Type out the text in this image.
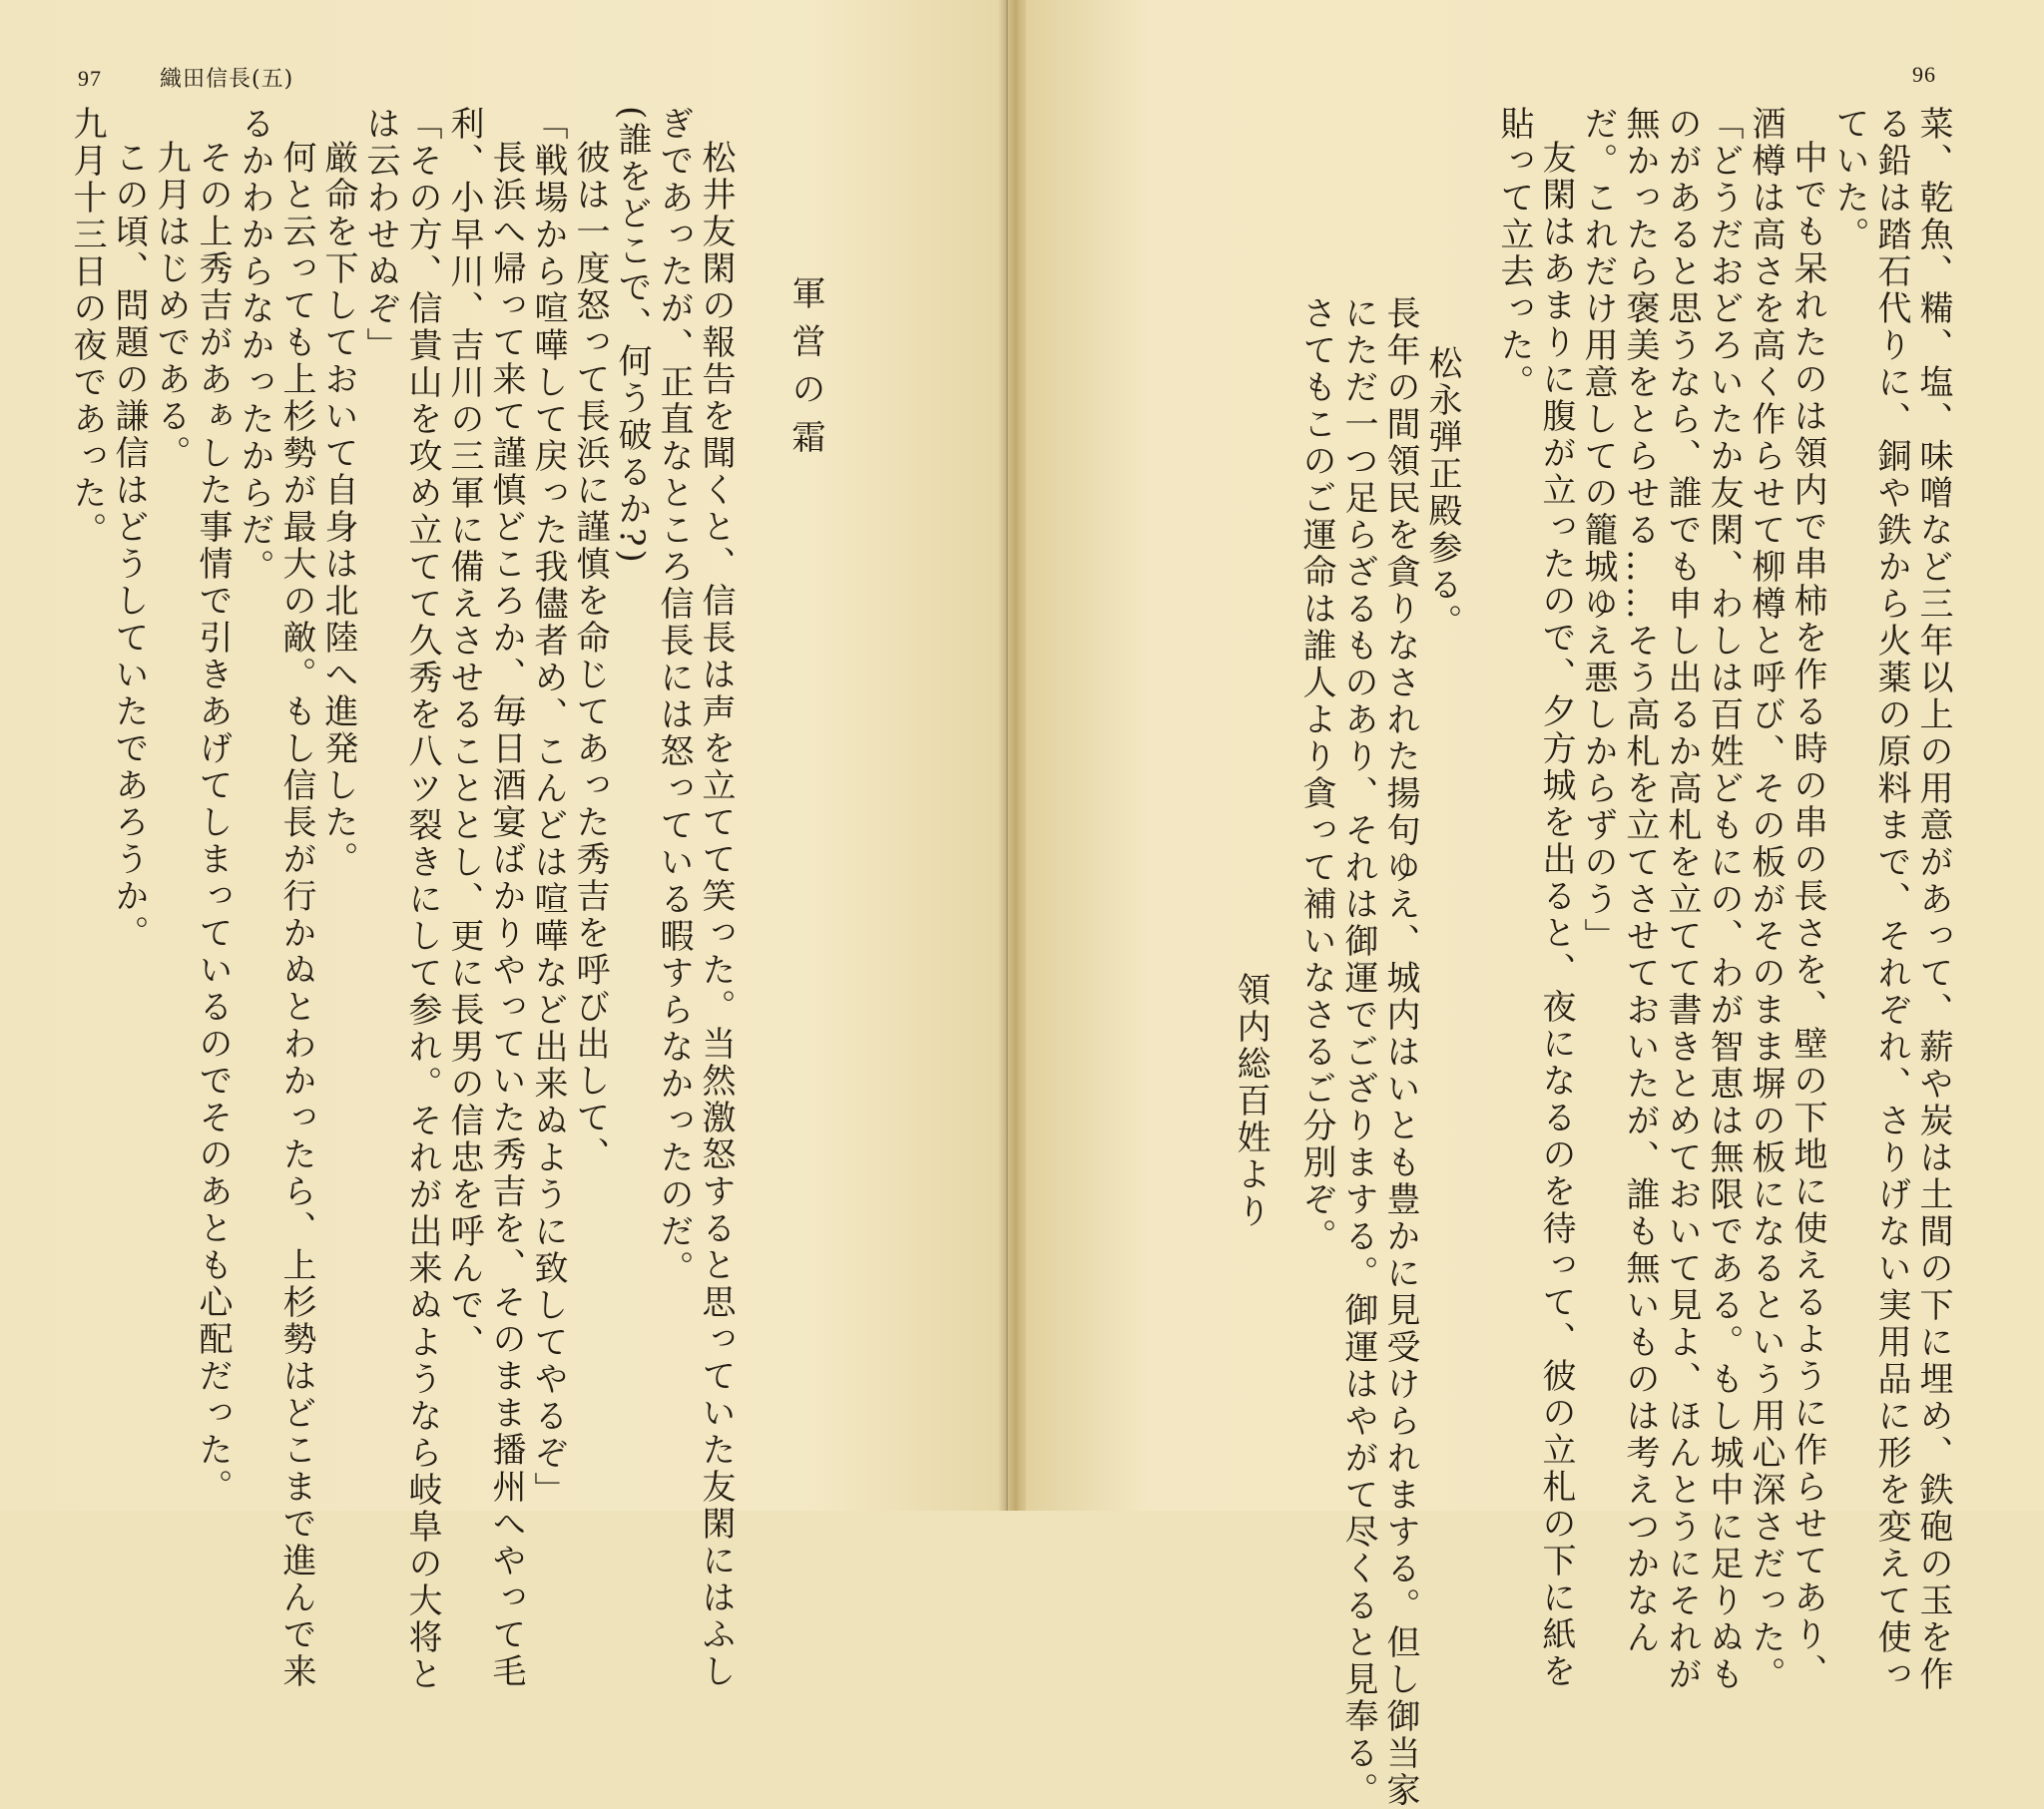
97	織田信長(五)	96
菜、乾魚、糒、塩、味噌など三年以上の用意があって、薪や炭は土間の下に埋め、鉄砲の玉を作
る鉛は踏石代りに、銅や鉄から火薬の原料まで、それぞれ、さりげない実用品に形を変えて使っ
ていた。
中でも呆れたのは領内で串柿を作る時の串の長さを、壁の下地に使えるように作らせてあり、
酒樽は高さを高く作らせて柳樽と呼び、その板がそのまま塀の板になるという用心深さだった。
「どうだおどろいたか友閑、わしは百姓どもにの、わが智恵は無限である。もし城中に足りぬも
のがあると思うなら、誰でも申し出るか高札を立てて書きとめておいて見よ、ほんとうにそれが
無かったら褒美をとらせる……そう高札を立てさせておいたが、誰も無いものは考えつかなん
だ。これだけ用意しての籠城ゆえ悪しからずのう」
友閑はあまりに腹が立ったので、夕方城を出ると、夜になるのを待って、彼の立札の下に紙を
貼って立去った。
松永弾正殿参る。
長年の間領民を貪りなされた揚句ゆえ、城内はいとも豊かに見受けられまする。但し御当家
にただ一つ足らざるものあり、それは御運でござりまする。御運はやがて尽くると見奉る。
さてもこのご運命は誰人より貪って補いなさるご分別ぞ。
領内総百姓より
軍営の霜
松井友閑の報告を聞くと、信長は声を立てて笑った。当然激怒すると思っていた友閑にはふし
ぎであったが、正直なところ信長には怒っている暇すらなかったのだ。
(誰をどこで、何う破るか?)
彼は一度怒って長浜に謹慎を命じてあった秀吉を呼び出して、
「戦場から喧嘩して戻った我儘者め、こんどは喧嘩など出来ぬように致してやるぞ」
長浜へ帰って来て謹慎どころか、毎日酒宴ばかりやっていた秀吉を、そのまま播州へやって毛
利、小早川、吉川の三軍に備えさせることとし、更に長男の信忠を呼んで、
「その方、信貴山を攻め立てて久秀を八ツ裂きにして参れ。それが出来ぬようなら岐阜の大将と
は云わせぬぞ」
厳命を下しておいて自身は北陸へ進発した。
何と云っても上杉勢が最大の敵。もし信長が行かぬとわかったら、上杉勢はどこまで進んで来
るかわからなかったからだ。
その上秀吉があぁした事情で引きあげてしまっているのでそのあとも心配だった。
九月はじめである。
この頃、問題の謙信はどうしていたであろうか。
九月十三日の夜であった。
